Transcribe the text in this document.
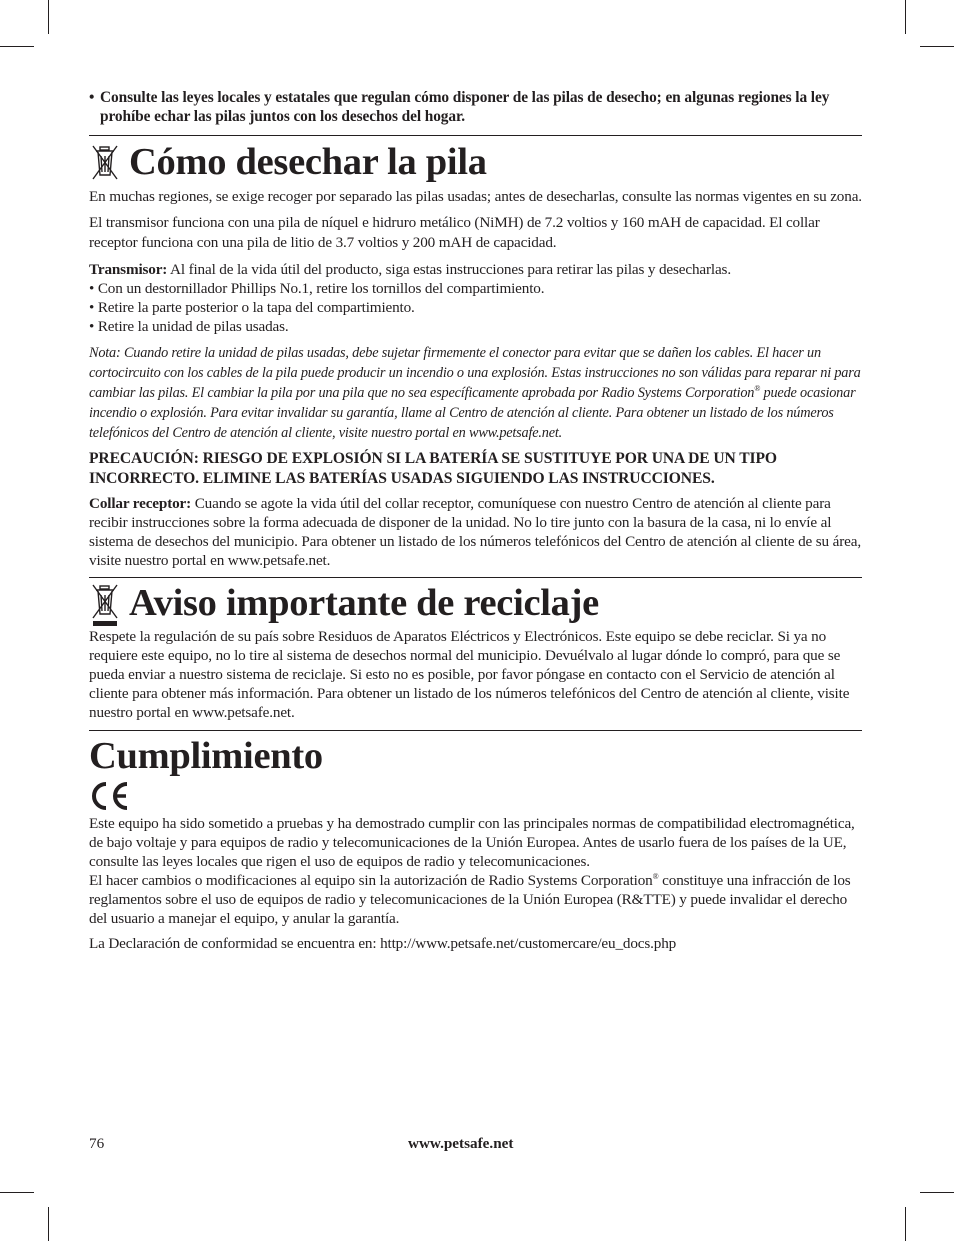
• Consulte las leyes locales y estatales que regulan cómo disponer de las pilas de desecho; en algunas regiones la ley prohíbe echar las pilas juntos con los desechos del hogar.
Cómo desechar la pila

En muchas regiones, se exige recoger por separado las pilas usadas; antes de desecharlas, consulte las normas vigentes en su zona.

El transmisor funciona con una pila de níquel e hidruro metálico (NiMH) de 7.2 voltios y 160 mAH de capacidad. El collar receptor funciona con una pila de litio de 3.7 voltios y 200 mAH de capacidad.

Transmisor: Al final de la vida útil del producto, siga estas instrucciones para retirar las pilas y desecharlas.

• Con un destornillador Phillips No.1, retire los tornillos del compartimiento.

• Retire la parte posterior o la tapa del compartimiento.

• Retire la unidad de pilas usadas.

Nota: Cuando retire la unidad de pilas usadas, debe sujetar firmemente el conector para evitar que se dañen los cables. El hacer un cortocircuito con los cables de la pila puede producir un incendio o una explosión. Estas instrucciones no son válidas para reparar ni para cambiar las pilas. El cambiar la pila por una pila que no sea específicamente aprobada por Radio Systems Corporation® puede ocasionar incendio o explosión. Para evitar invalidar su garantía, llame al Centro de atención al cliente. Para obtener un listado de los números telefónicos del Centro de atención al cliente, visite nuestro portal en www.petsafe.net.

PRECAUCIÓN: RIESGO DE EXPLOSIÓN SI LA BATERÍA SE SUSTITUYE POR UNA DE UN TIPO INCORRECTO. ELIMINE LAS BATERÍAS USADAS SIGUIENDO LAS INSTRUCCIONES.

Collar receptor: Cuando se agote la vida útil del collar receptor, comuníquese con nuestro Centro de atención al cliente para recibir instrucciones sobre la forma adecuada de disponer de la unidad. No lo tire junto con la basura de la casa, ni lo envíe al sistema de desechos del municipio. Para obtener un listado de los números telefónicos del Centro de atención al cliente de su área, visite nuestro portal en www.petsafe.net.

Aviso importante de reciclaje

Respete la regulación de su país sobre Residuos de Aparatos Eléctricos y Electrónicos. Este equipo se debe reciclar. Si ya no requiere este equipo, no lo tire al sistema de desechos normal del municipio. Devuélvalo al lugar dónde lo compró, para que se pueda enviar a nuestro sistema de reciclaje. Si esto no es posible, por favor póngase en contacto con el Servicio de atención al cliente para obtener más información. Para obtener un listado de los números telefónicos del Centro de atención al cliente, visite nuestro portal en www.petsafe.net.

Cumplimiento
CE

Este equipo ha sido sometido a pruebas y ha demostrado cumplir con las principales normas de compatibilidad electromagnética, de bajo voltaje y para equipos de radio y telecomunicaciones de la Unión Europea. Antes de usarlo fuera de los países de la UE, consulte las leyes locales que rigen el uso de equipos de radio y telecomunicaciones.

El hacer cambios o modificaciones al equipo sin la autorización de Radio Systems Corporation® constituye una infracción de los reglamentos sobre el uso de equipos de radio y telecomunicaciones de la Unión Europea (R&TTE) y puede invalidar el derecho del usuario a manejar el equipo, y anular la garantía.

La Declaración de conformidad se encuentra en: http://www.petsafe.net/customercare/eu_docs.php

76	www.petsafe.net
